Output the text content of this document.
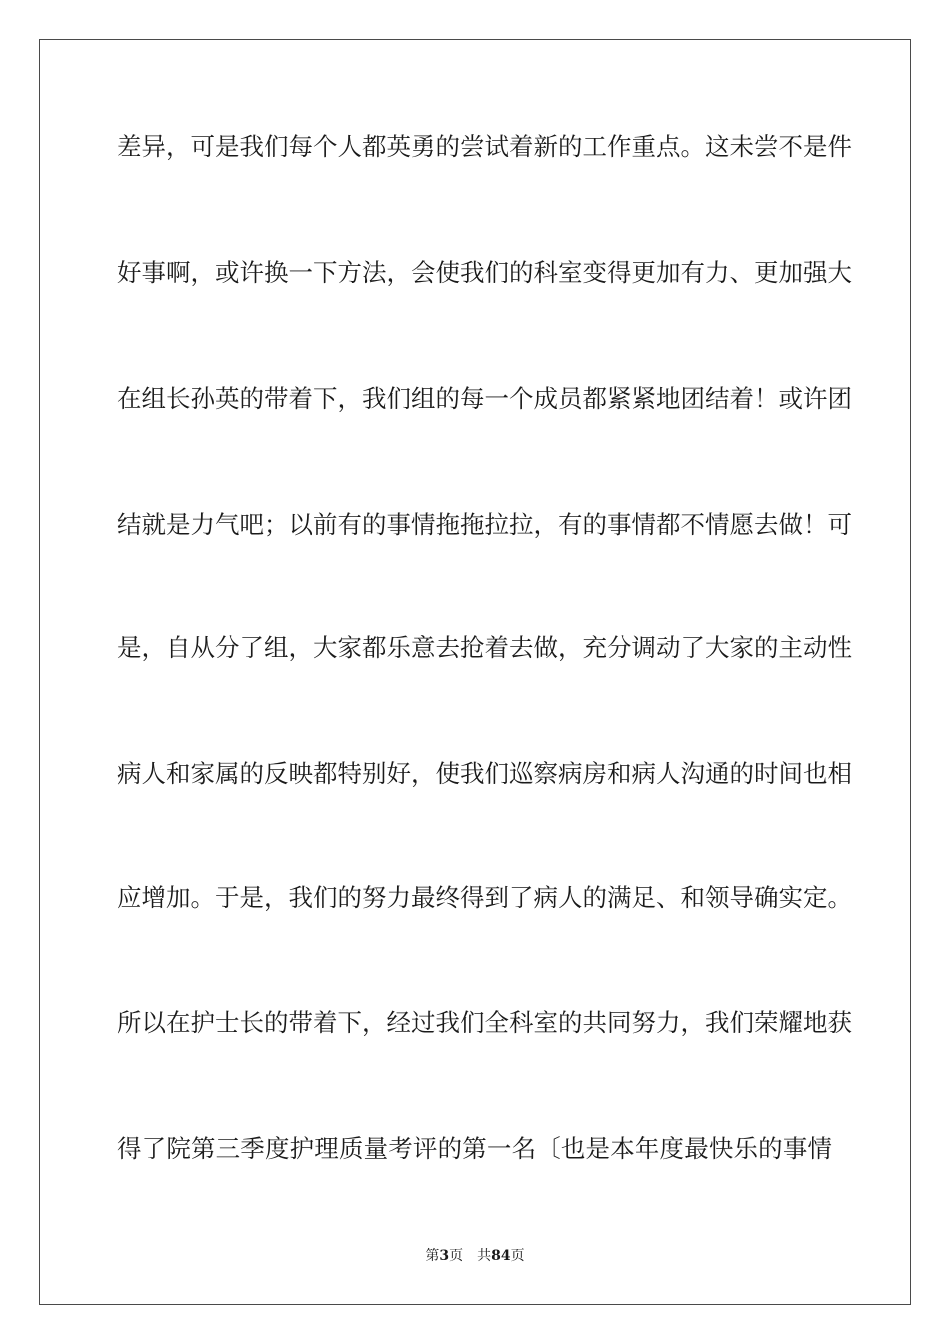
差异，可是我们每个人都英勇的尝试着新的工作重点。这未尝不是件
好事啊，或许换一下方法，会使我们的科室变得更加有力、更加强大
在组长孙英的带着下，我们组的每一个成员都紧紧地团结着！或许团
结就是力气吧；以前有的事情拖拖拉拉，有的事情都不情愿去做！可
是，自从分了组，大家都乐意去抢着去做，充分调动了大家的主动性
病人和家属的反映都特别好，使我们巡察病房和病人沟通的时间也相
应增加。于是，我们的努力最终得到了病人的满足、和领导确实定。
所以在护士长的带着下，经过我们全科室的共同努力，我们荣耀地获
得了院第三季度护理质量考评的第一名〔也是本年度最快乐的事情
第3页 共84页
